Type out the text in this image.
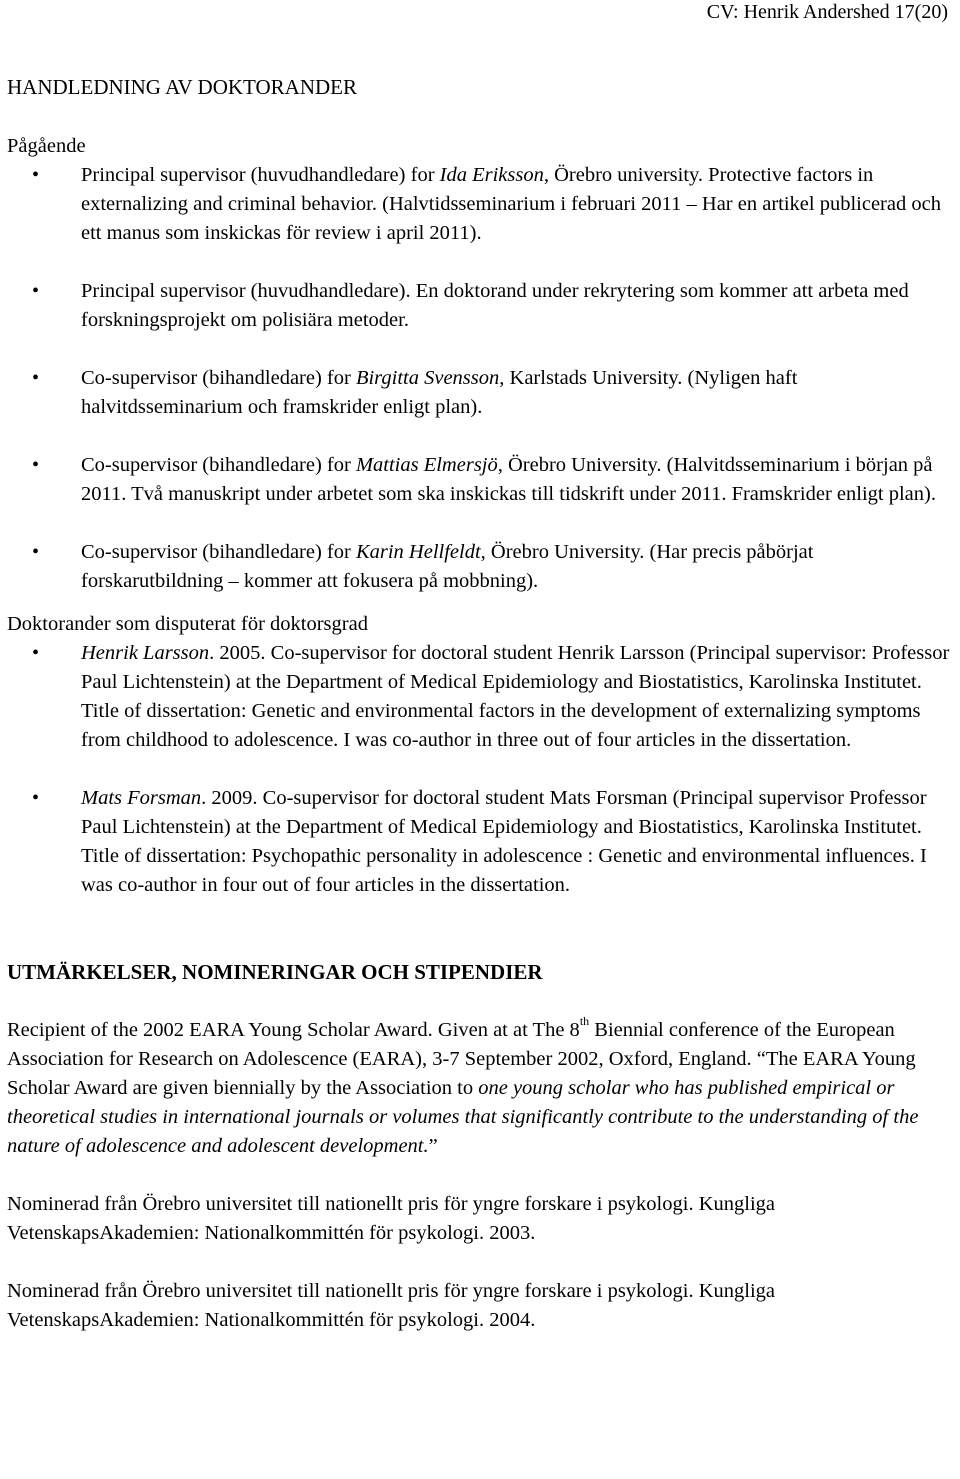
CV: Henrik Andershed 17(20)
HANDLEDNING AV DOKTORANDER

Pågående

• Principal supervisor (huvudhandledare) for Ida Eriksson, Örebro university. Protective factors in externalizing and criminal behavior. (Halvtidsseminarium i februari 2011 – Har en artikel publicerad och ett manus som inskickas för review i april 2011).
• Principal supervisor (huvudhandledare). En doktorand under rekrytering som kommer att arbeta med forskningsprojekt om polisiära metoder.
• Co-supervisor (bihandledare) for Birgitta Svensson, Karlstads University. (Nyligen haft halvitdsseminarium och framskrider enligt plan).
• Co-supervisor (bihandledare) for Mattias Elmersjö, Örebro University. (Halvitdsseminarium i början på 2011. Två manuskript under arbetet som ska inskickas till tidskrift under 2011. Framskrider enligt plan).
• Co-supervisor (bihandledare) for Karin Hellfeldt, Örebro University. (Har precis påbörjat forskarutbildning – kommer att fokusera på mobbning).

Doktorander som disputerat för doktorsgrad

• Henrik Larsson. 2005. Co-supervisor for doctoral student Henrik Larsson (Principal supervisor: Professor Paul Lichtenstein) at the Department of Medical Epidemiology and Biostatistics, Karolinska Institutet. Title of dissertation: Genetic and environmental factors in the development of externalizing symptoms from childhood to adolescence. I was co-author in three out of four articles in the dissertation.
• Mats Forsman. 2009. Co-supervisor for doctoral student Mats Forsman (Principal supervisor Professor Paul Lichtenstein) at the Department of Medical Epidemiology and Biostatistics, Karolinska Institutet. Title of dissertation: Psychopathic personality in adolescence : Genetic and environmental influences. I was co-author in four out of four articles in the dissertation.
UTMÄRKELSER, NOMINERINGAR OCH STIPENDIER

Recipient of the 2002 EARA Young Scholar Award. Given at at The 8th Biennial conference of the European Association for Research on Adolescence (EARA), 3-7 September 2002, Oxford, England. “The EARA Young Scholar Award are given biennially by the Association to one young scholar who has published empirical or theoretical studies in international journals or volumes that significantly contribute to the understanding of the nature of adolescence and adolescent development.”

Nominerad från Örebro universitet till nationellt pris för yngre forskare i psykologi. Kungliga VetenskapsAkademien: Nationalkommittén för psykologi. 2003.

Nominerad från Örebro universitet till nationellt pris för yngre forskare i psykologi. Kungliga VetenskapsAkademien: Nationalkommittén för psykologi. 2004.
